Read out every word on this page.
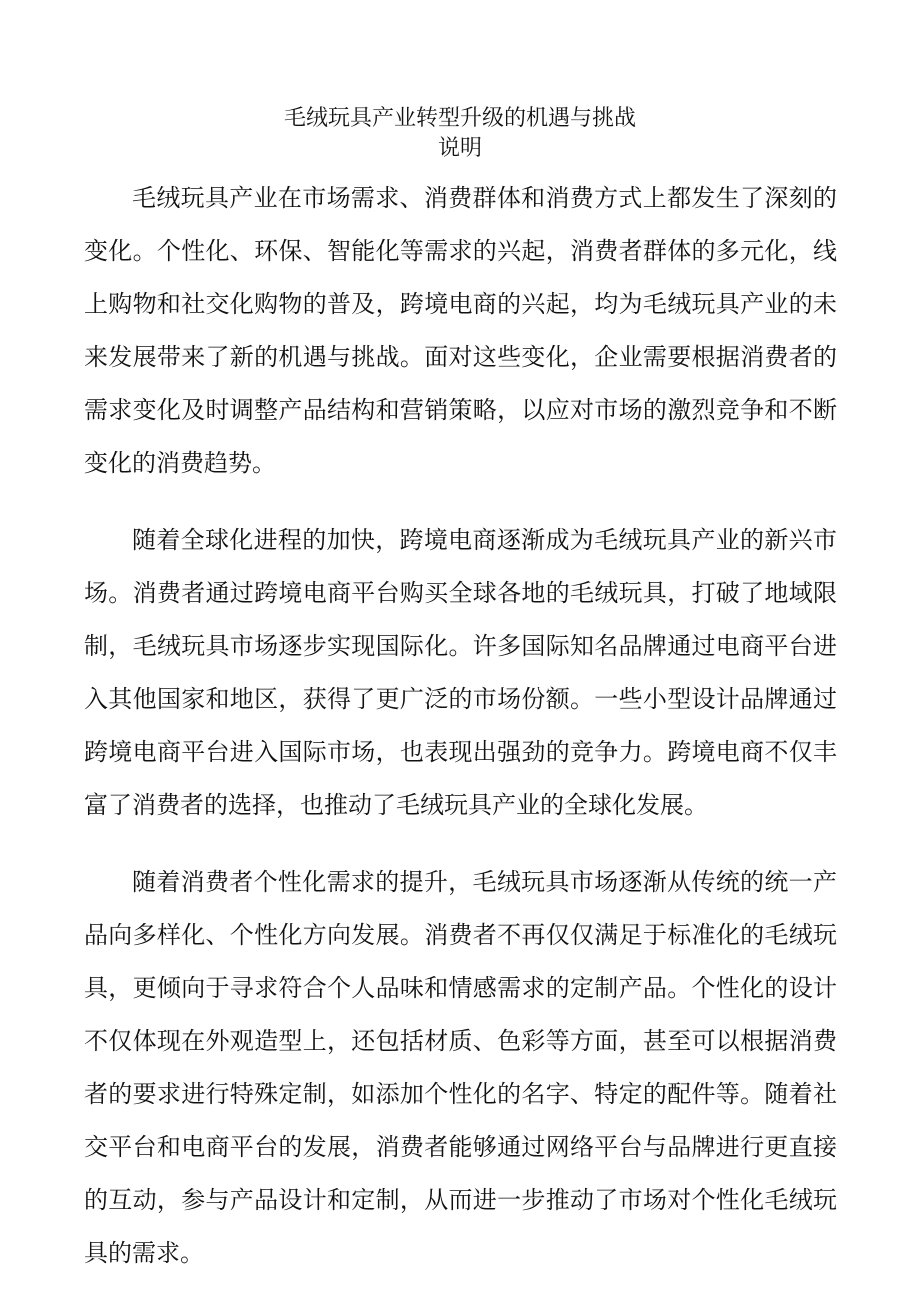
毛绒玩具产业转型升级的机遇与挑战
说明

毛绒玩具产业在市场需求、消费群体和消费方式上都发生了深刻的变化。个性化、环保、智能化等需求的兴起，消费者群体的多元化，线上购物和社交化购物的普及，跨境电商的兴起，均为毛绒玩具产业的未来发展带来了新的机遇与挑战。面对这些变化，企业需要根据消费者的需求变化及时调整产品结构和营销策略，以应对市场的激烈竞争和不断变化的消费趋势。

随着全球化进程的加快，跨境电商逐渐成为毛绒玩具产业的新兴市场。消费者通过跨境电商平台购买全球各地的毛绒玩具，打破了地域限制，毛绒玩具市场逐步实现国际化。许多国际知名品牌通过电商平台进入其他国家和地区，获得了更广泛的市场份额。一些小型设计品牌通过跨境电商平台进入国际市场，也表现出强劲的竞争力。跨境电商不仅丰富了消费者的选择，也推动了毛绒玩具产业的全球化发展。

随着消费者个性化需求的提升，毛绒玩具市场逐渐从传统的统一产品向多样化、个性化方向发展。消费者不再仅仅满足于标准化的毛绒玩具，更倾向于寻求符合个人品味和情感需求的定制产品。个性化的设计不仅体现在外观造型上，还包括材质、色彩等方面，甚至可以根据消费者的要求进行特殊定制，如添加个性化的名字、特定的配件等。随着社交平台和电商平台的发展，消费者能够通过网络平台与品牌进行更直接的互动，参与产品设计和定制，从而进一步推动了市场对个性化毛绒玩具的需求。
